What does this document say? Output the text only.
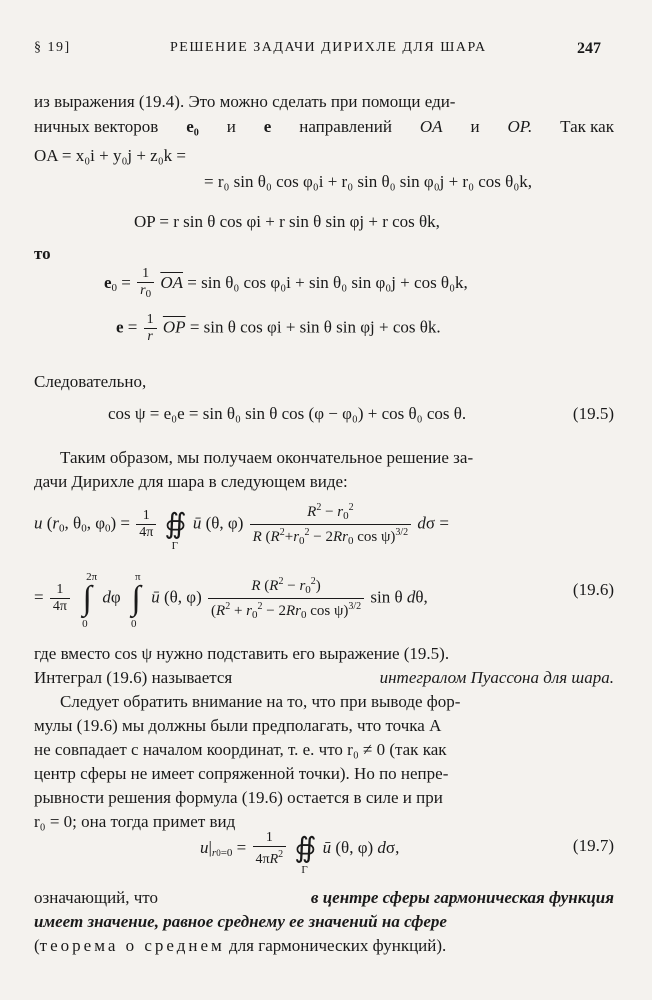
§ 19]	РЕШЕНИЕ ЗАДАЧИ ДИРИХЛЕ ДЛЯ ШАРА	247
из выражения (19.4). Это можно сделать при помощи еди-
ничных векторов e₀ и e направлений OA и OP. Так как
OA = x₀i + y₀j + z₀k =
= r₀ sin θ₀ cos φ₀i + r₀ sin θ₀ sin φ₀j + r₀ cos θ₀k,
OP = r sin θ cos φi + r sin θ sin φj + r cos θk,
то
$e_0 = \frac{1}{r_0} \overline{OA} = \sin \theta_0$ cos φ₀i + sin θ₀ sin φ₀j + cos θ₀k,
$e = \frac{1}{r} \overline{OP} = \sin \theta$ cos φi + sin θ sin φj + cos θk.
Следовательно,
cos ψ = e₀e = sin θ₀ sin θ cos (φ − φ₀) + cos θ₀ cos θ.	(19.5)
Таким образом, мы получаем окончательное решение за-
дачи Дирихле для шара в следующем виде:
u ($r_0$, $\theta_0$, $\varphi_0) = \frac{1}{4\pi}$ ∯
Γ
ū (θ, $\varphi) \frac{R^2 - r_0^2}{R (R^2+r_0^2 - 2Rr_0 \cos \psi)^{3/2}}$ dσ =
= $\frac{1}{4\pi}$ ∫
2π
0
dφ ∫
π
0
ū (θ, $\varphi) \frac{R (R^2 - r_0^2)}{(R^2 + r_0^2 - 2Rr_0 \cos \psi)^{3/2}}$ sin θ dθ,	(19.6)
где вместо cos ψ нужно подставить его выражение (19.5).
Интеграл (19.6) называется	интегралом Пуассона для шара.
Следует обратить внимание на то, что при выводе фор-
мулы (19.6) мы должны были предполагать, что точка A
не совпадает с началом координат, т. е. что r₀ ≠ 0 (так как
центр сферы не имеет сопряженной точки). Но по непре-
рывности решения формула (19.6) остается в силе и при
r₀ = 0; она тогда примет вид
$u|_{r0=0} = \frac{1}{4\pi R^2}$ ∯
Γ
ū (θ, φ) dσ,	(19.7)
означающий, что	в центре сферы гармоническая функция
имеет значение, равное среднему ее значений на сфере
(теорема о среднем для гармонических функций).
